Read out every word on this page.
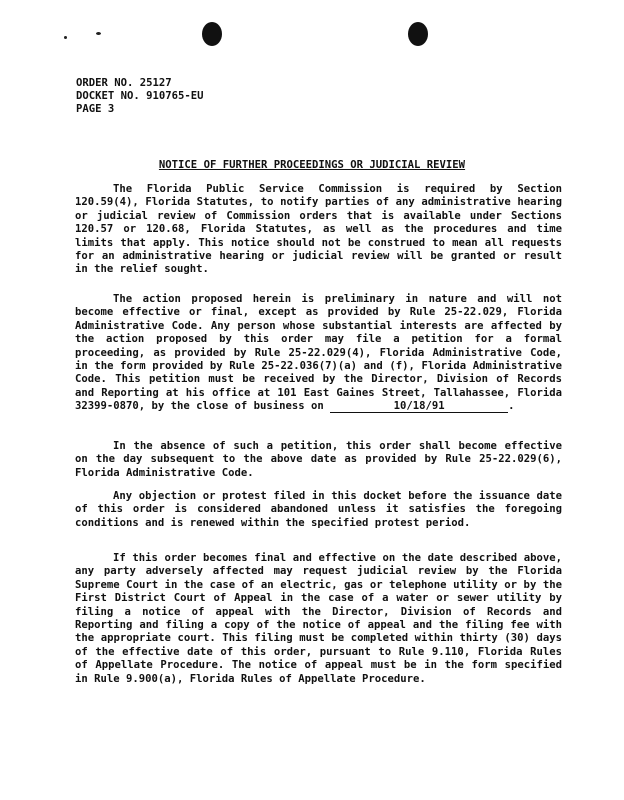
ORDER NO. 25127
DOCKET NO. 910765-EU
PAGE 3
NOTICE OF FURTHER PROCEEDINGS OR JUDICIAL REVIEW
The Florida Public Service Commission is required by Section 120.59(4), Florida Statutes, to notify parties of any administrative hearing or judicial review of Commission orders that is available under Sections 120.57 or 120.68, Florida Statutes, as well as the procedures and time limits that apply. This notice should not be construed to mean all requests for an administrative hearing or judicial review will be granted or result in the relief sought.
The action proposed herein is preliminary in nature and will not become effective or final, except as provided by Rule 25-22.029, Florida Administrative Code. Any person whose substantial interests are affected by the action proposed by this order may file a petition for a formal proceeding, as provided by Rule 25-22.029(4), Florida Administrative Code, in the form provided by Rule 25-22.036(7)(a) and (f), Florida Administrative Code. This petition must be received by the Director, Division of Records and Reporting at his office at 101 East Gaines Street, Tallahassee, Florida 32399-0870, by the close of business on	10/18/91	.
In the absence of such a petition, this order shall become effective on the day subsequent to the above date as provided by Rule 25-22.029(6), Florida Administrative Code.
Any objection or protest filed in this docket before the issuance date of this order is considered abandoned unless it satisfies the foregoing conditions and is renewed within the specified protest period.
If this order becomes final and effective on the date described above, any party adversely affected may request judicial review by the Florida Supreme Court in the case of an electric, gas or telephone utility or by the First District Court of Appeal in the case of a water or sewer utility by filing a notice of appeal with the Director, Division of Records and Reporting and filing a copy of the notice of appeal and the filing fee with the appropriate court. This filing must be completed within thirty (30) days of the effective date of this order, pursuant to Rule 9.110, Florida Rules of Appellate Procedure. The notice of appeal must be in the form specified in Rule 9.900(a), Florida Rules of Appellate Procedure.
